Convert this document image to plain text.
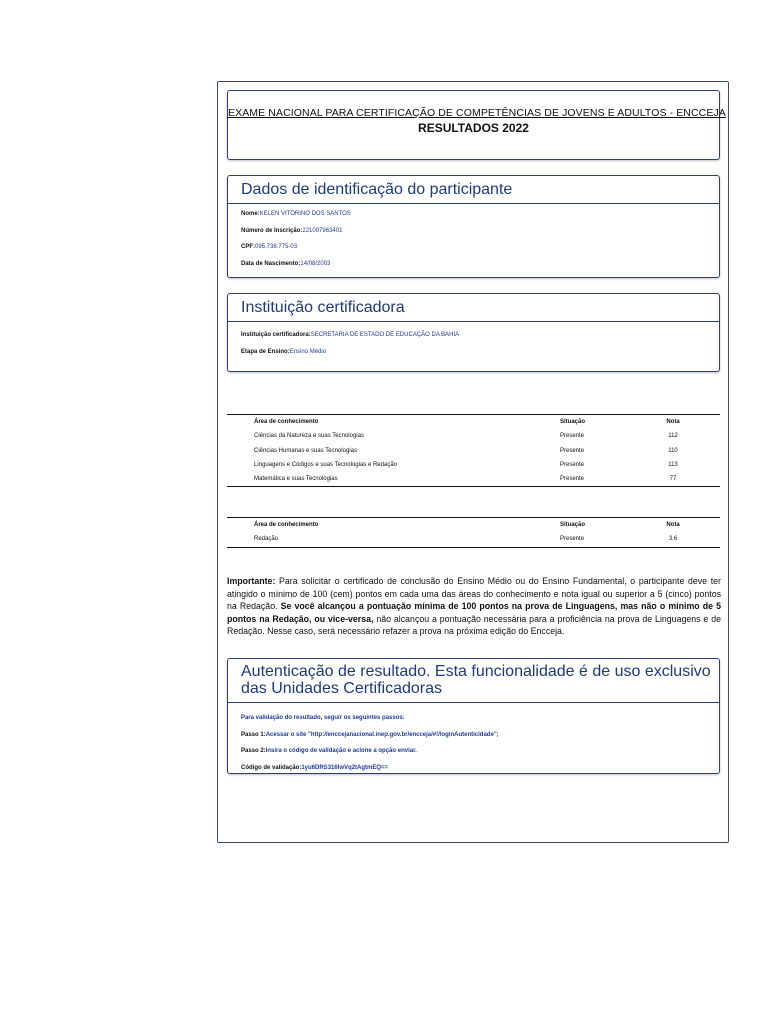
EXAME NACIONAL PARA CERTIFICAÇÃO DE COMPETÊNCIAS DE JOVENS E ADULTOS - ENCCEJA
RESULTADOS 2022
Dados de identificação do participante
Nome:KELEN VITORINO DOS SANTOS
Número de Inscrição:221097963401
CPF:095.738.775-03
Data de Nascimento:14/08/2003
Instituição certificadora
Instituição certificadora:SECRETARIA DE ESTADO DE EDUCAÇÃO DA BAHIA
Etapa de Ensino:Ensino Médio
Área de conhecimento	Situação	Nota
Ciências da Natureza e suas Tecnologias	Presente	112
Ciências Humanas e suas Tecnologias	Presente	110
Linguagens e Códigos e suas Tecnologias e Redação	Presente	113
Matemática e suas Tecnologias	Presente	77
Área de conhecimento	Situação	Nota
Redação	Presente	3.6
Importante: Para solicitar o certificado de conclusão do Ensino Médio ou do Ensino Fundamental, o participante deve ter atingido o mínimo de 100 (cem) pontos em cada uma das áreas do conhecimento e nota igual ou superior a 5 (cinco) pontos na Redação. Se você alcançou a pontuação mínima de 100 pontos na prova de Linguagens, mas não o mínimo de 5 pontos na Redação, ou vice-versa, não alcançou a pontuação necessária para a proficiência na prova de Linguagens e de Redação. Nesse caso, será necessário refazer a prova na próxima edição do Encceja.
Autenticação de resultado. Esta funcionalidade é de uso exclusivo das Unidades Certificadoras
Para validação do resultado, seguir os seguintes passos:
Passo 1:Acessar o site "http://enccejanacional.inep.gov.br/encceja/#!/loginAutenticidade";
Passo 2:Insira o código de validação e acione a opção enviar.
Código de validação:1yu6DRS316lwVq2tAgtmEQ==
